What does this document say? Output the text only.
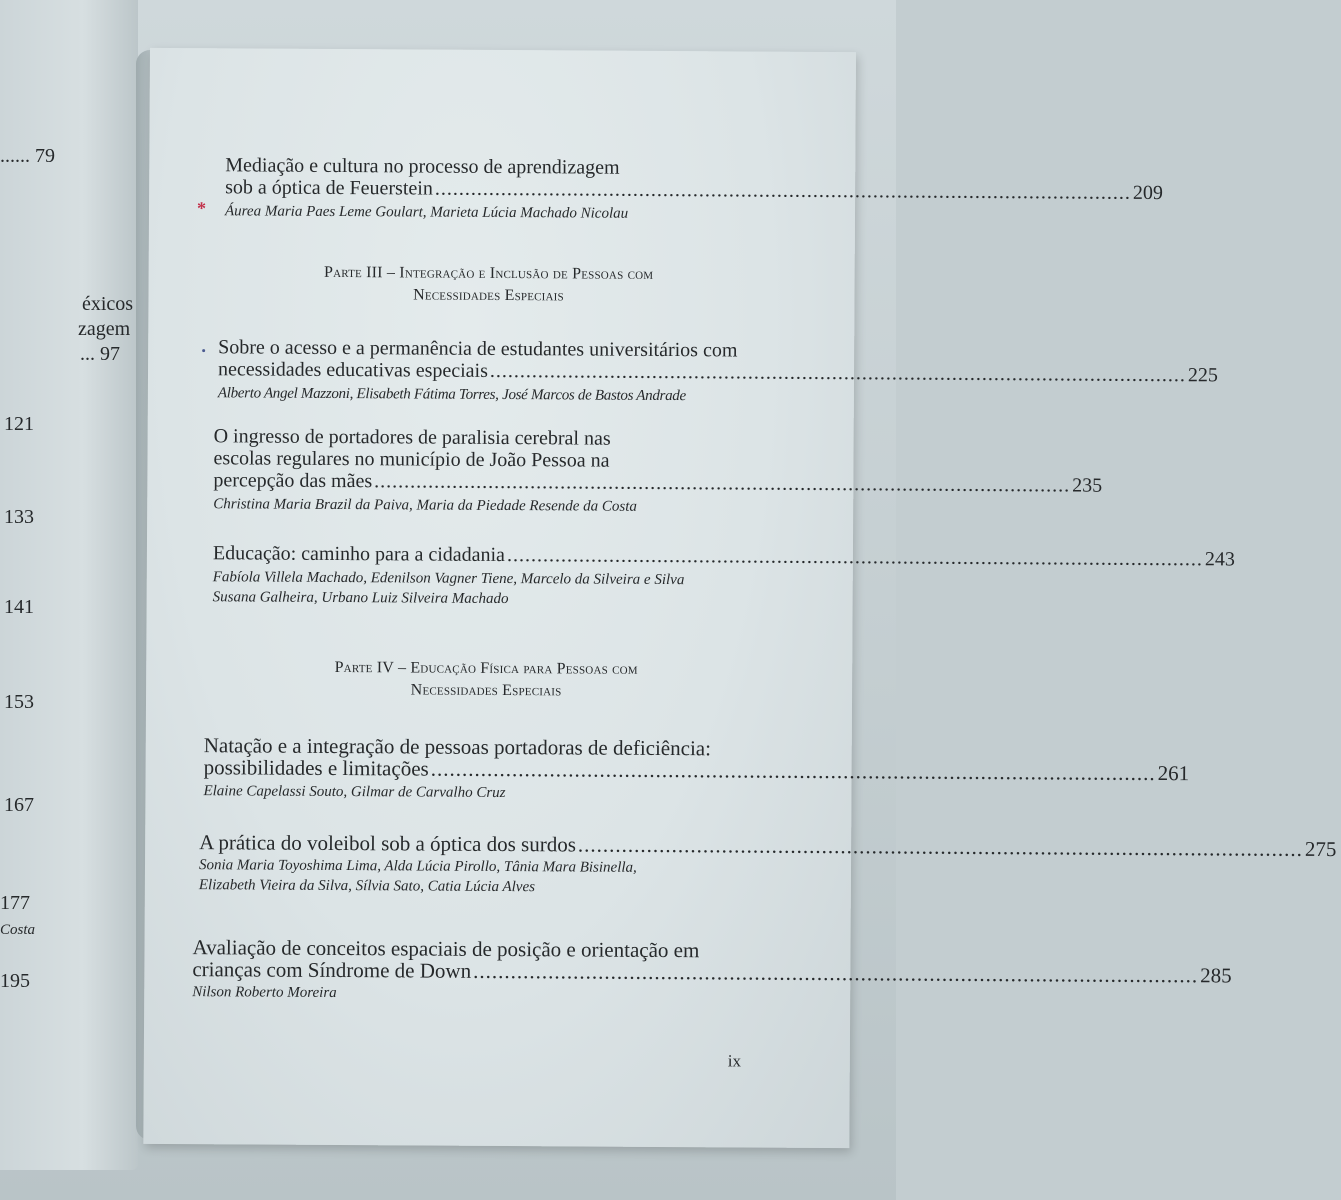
...... 79
éxicos
zagem
... 97
121
133
141
153
167
177
Costa
195
Mediação e cultura no processo de aprendizagem
sob a óptica de Feuerstein .................................................................................................................... 209
Áurea Maria Paes Leme Goulart, Marieta Lúcia Machado Nicolau
*
Parte III – Integração e Inclusão de Pessoas com
Necessidades Especiais
Sobre o acesso e a permanência de estudantes universitários com
necessidades educativas especiais .................................................................................................................... 225
Alberto Angel Mazzoni, Elisabeth Fátima Torres, José Marcos de Bastos Andrade
O ingresso de portadores de paralisia cerebral nas
escolas regulares no município de João Pessoa na
percepção das mães .................................................................................................................... 235
Christina Maria Brazil da Paiva, Maria da Piedade Resende da Costa
Educação: caminho para a cidadania .................................................................................................................... 243
Fabíola Villela Machado, Edenilson Vagner Tiene, Marcelo da Silveira e Silva
Susana Galheira, Urbano Luiz Silveira Machado
Parte IV – Educação Física para Pessoas com
Necessidades Especiais
Natação e a integração de pessoas portadoras de deficiência:
possibilidades e limitações .................................................................................................................... 261
Elaine Capelassi Souto, Gilmar de Carvalho Cruz
A prática do voleibol sob a óptica dos surdos .................................................................................................................... 275
Sonia Maria Toyoshima Lima, Alda Lúcia Pirollo, Tânia Mara Bisinella,
Elizabeth Vieira da Silva, Sílvia Sato, Catia Lúcia Alves
Avaliação de conceitos espaciais de posição e orientação em
crianças com Síndrome de Down .................................................................................................................... 285
Nilson Roberto Moreira
ix
